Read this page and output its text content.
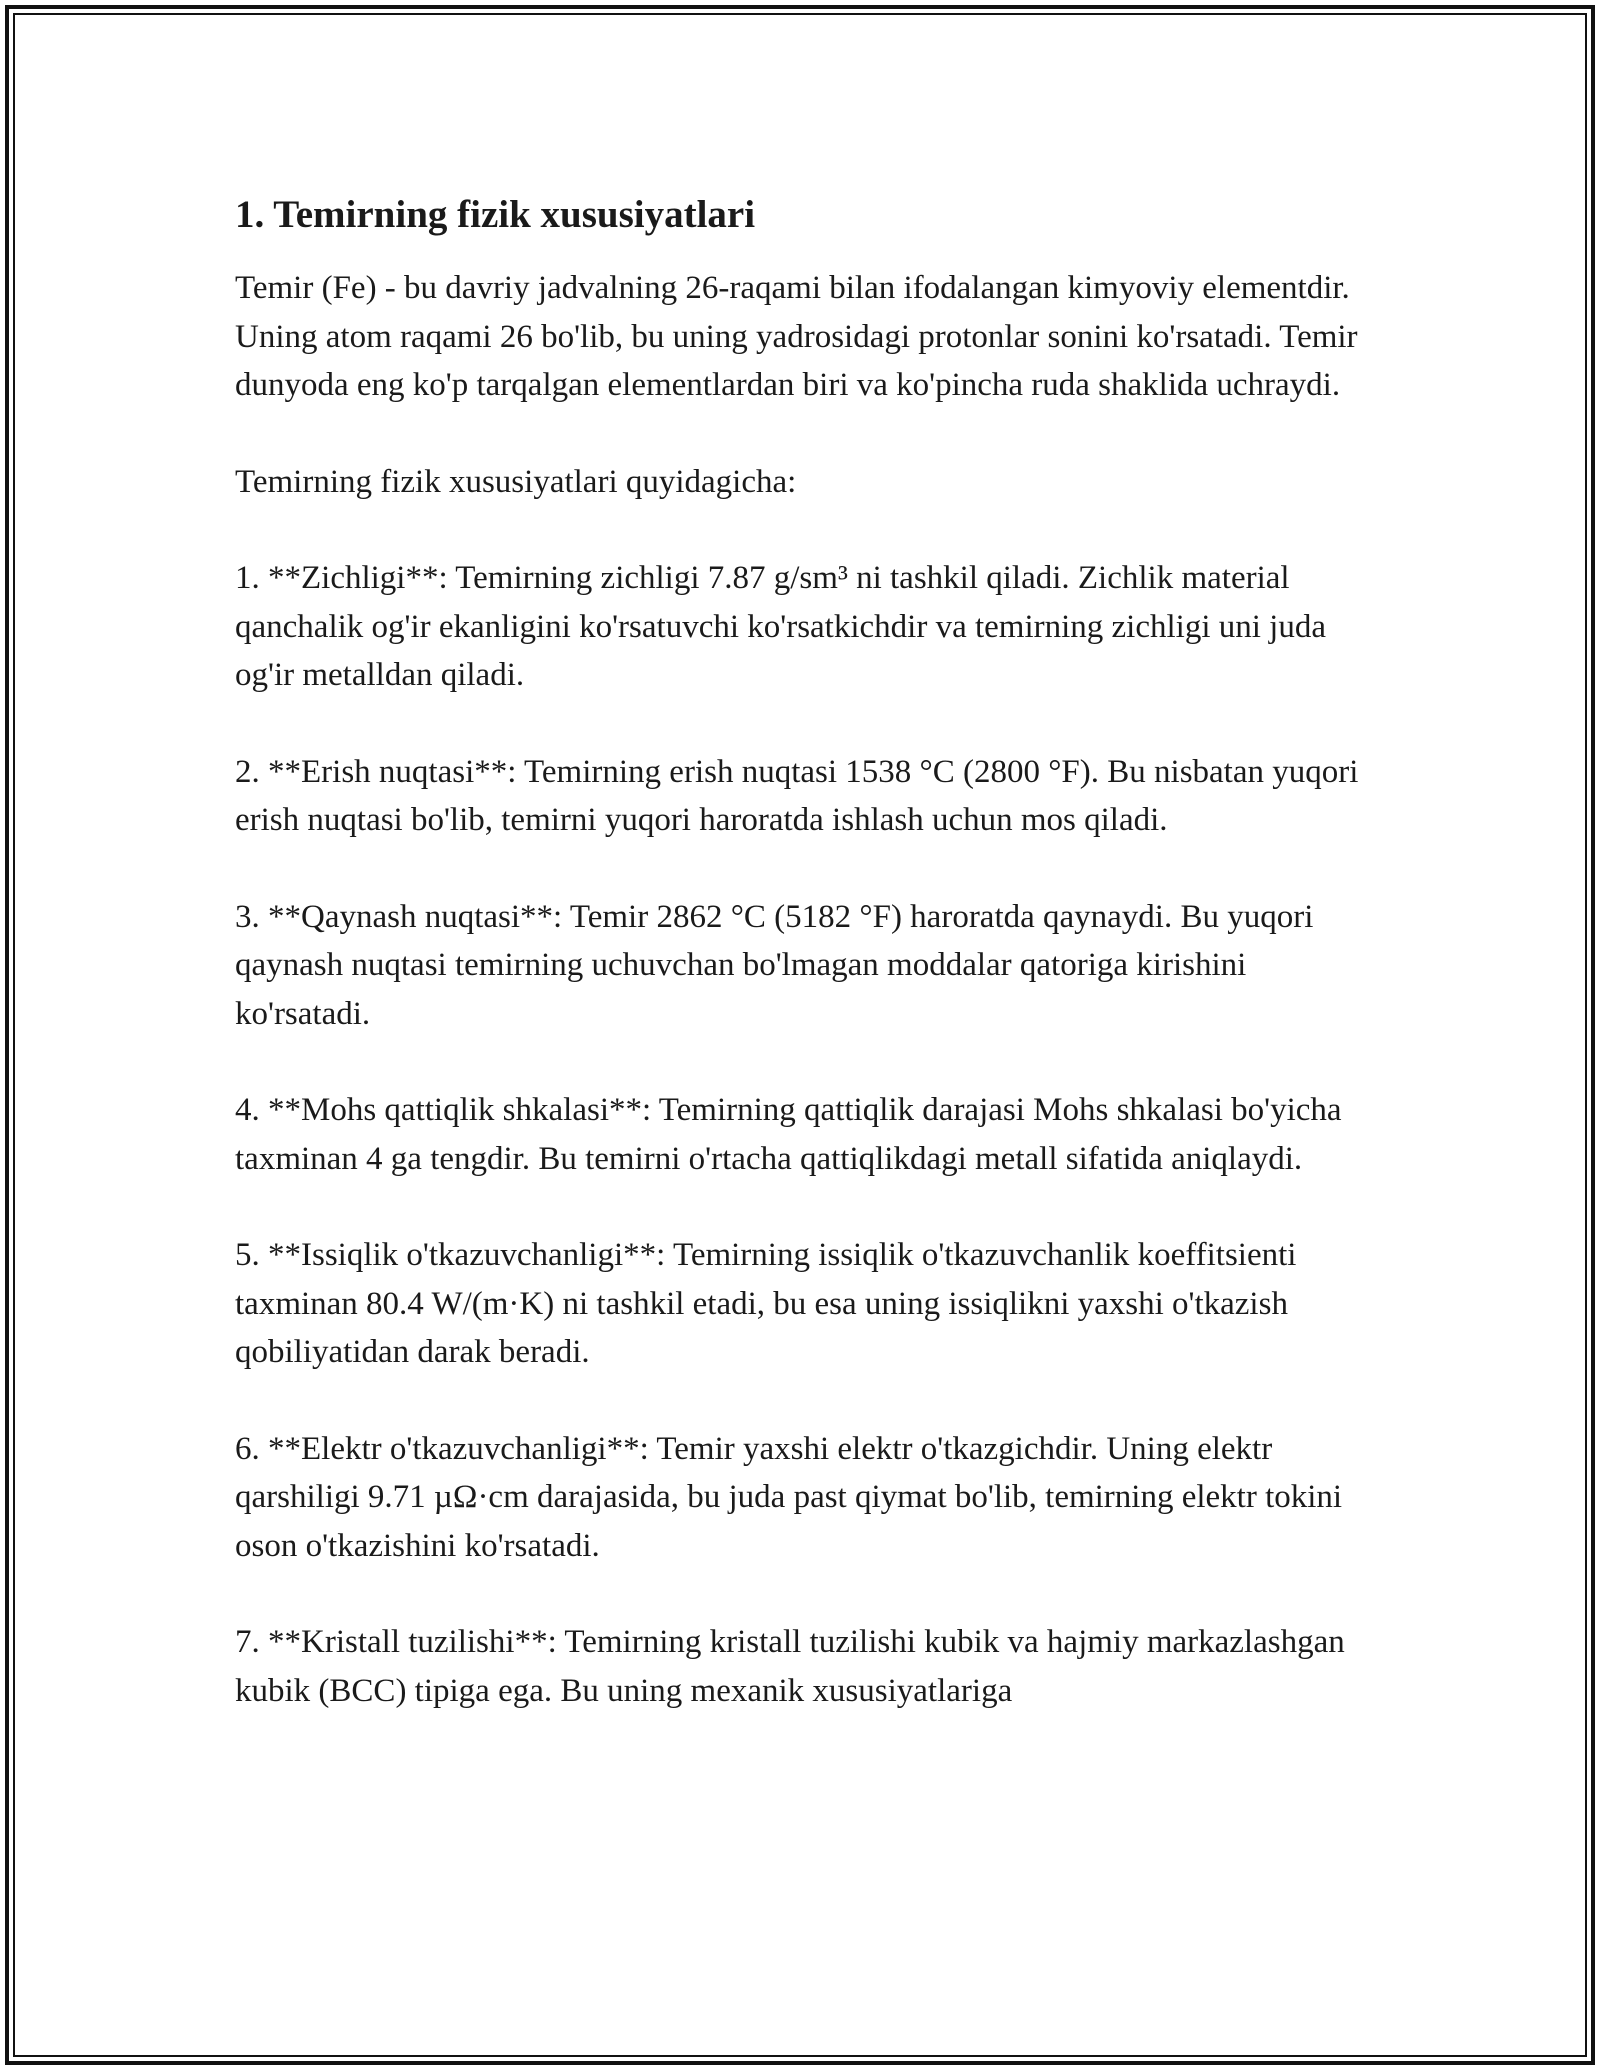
1. Temirning fizik xususiyatlari

Temir (Fe) - bu davriy jadvalning 26-raqami bilan ifodalangan kimyoviy elementdir. Uning atom raqami 26 bo'lib, bu uning yadrosidagi protonlar sonini ko'rsatadi. Temir dunyoda eng ko'p tarqalgan elementlardan biri va ko'pincha ruda shaklida uchraydi.

Temirning fizik xususiyatlari quyidagicha:

1. **Zichligi**: Temirning zichligi 7.87 g/sm³ ni tashkil qiladi. Zichlik material qanchalik og'ir ekanligini ko'rsatuvchi ko'rsatkichdir va temirning zichligi uni juda og'ir metalldan qiladi.

2. **Erish nuqtasi**: Temirning erish nuqtasi 1538 °C (2800 °F). Bu nisbatan yuqori erish nuqtasi bo'lib, temirni yuqori haroratda ishlash uchun mos qiladi.

3. **Qaynash nuqtasi**: Temir 2862 °C (5182 °F) haroratda qaynaydi. Bu yuqori qaynash nuqtasi temirning uchuvchan bo'lmagan moddalar qatoriga kirishini ko'rsatadi.

4. **Mohs qattiqlik shkalasi**: Temirning qattiqlik darajasi Mohs shkalasi bo'yicha taxminan 4 ga tengdir. Bu temirni o'rtacha qattiqlikdagi metall sifatida aniqlaydi.

5. **Issiqlik o'tkazuvchanligi**: Temirning issiqlik o'tkazuvchanlik koeffitsienti taxminan 80.4 W/(m·K) ni tashkil etadi, bu esa uning issiqlikni yaxshi o'tkazish qobiliyatidan darak beradi.

6. **Elektr o'tkazuvchanligi**: Temir yaxshi elektr o'tkazgichdir. Uning elektr qarshiligi 9.71 µΩ·cm darajasida, bu juda past qiymat bo'lib, temirning elektr tokini oson o'tkazishini ko'rsatadi.

7. **Kristall tuzilishi**: Temirning kristall tuzilishi kubik va hajmiy markazlashgan kubik (BCC) tipiga ega. Bu uning mexanik xususiyatlariga
